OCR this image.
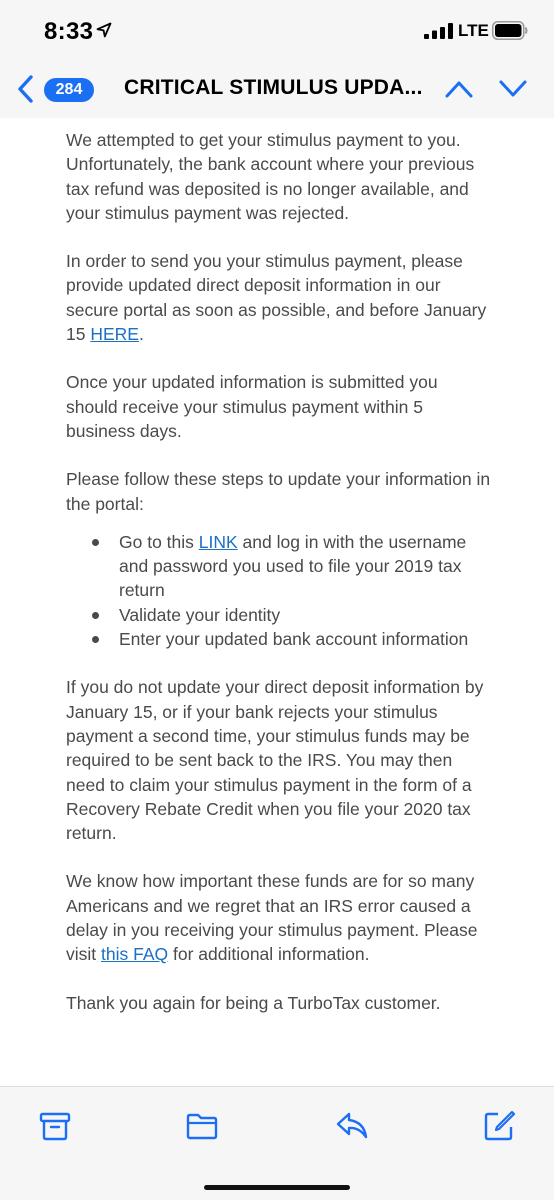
8:33	LTE
284	CRITICAL STIMULUS UPDA...

We attempted to get your stimulus payment to you. Unfortunately, the bank account where your previous tax refund was deposited is no longer available, and your stimulus payment was rejected.

In order to send you your stimulus payment, please provide updated direct deposit information in our secure portal as soon as possible, and before January 15 HERE.

Once your updated information is submitted you should receive your stimulus payment within 5 business days.

Please follow these steps to update your information in the portal:

Go to this LINK and log in with the username and password you used to file your 2019 tax return
Validate your identity
Enter your updated bank account information

If you do not update your direct deposit information by January 15, or if your bank rejects your stimulus payment a second time, your stimulus funds may be required to be sent back to the IRS. You may then need to claim your stimulus payment in the form of a Recovery Rebate Credit when you file your 2020 tax return.

We know how important these funds are for so many Americans and we regret that an IRS error caused a delay in you receiving your stimulus payment. Please visit this FAQ for additional information.

Thank you again for being a TurboTax customer.
